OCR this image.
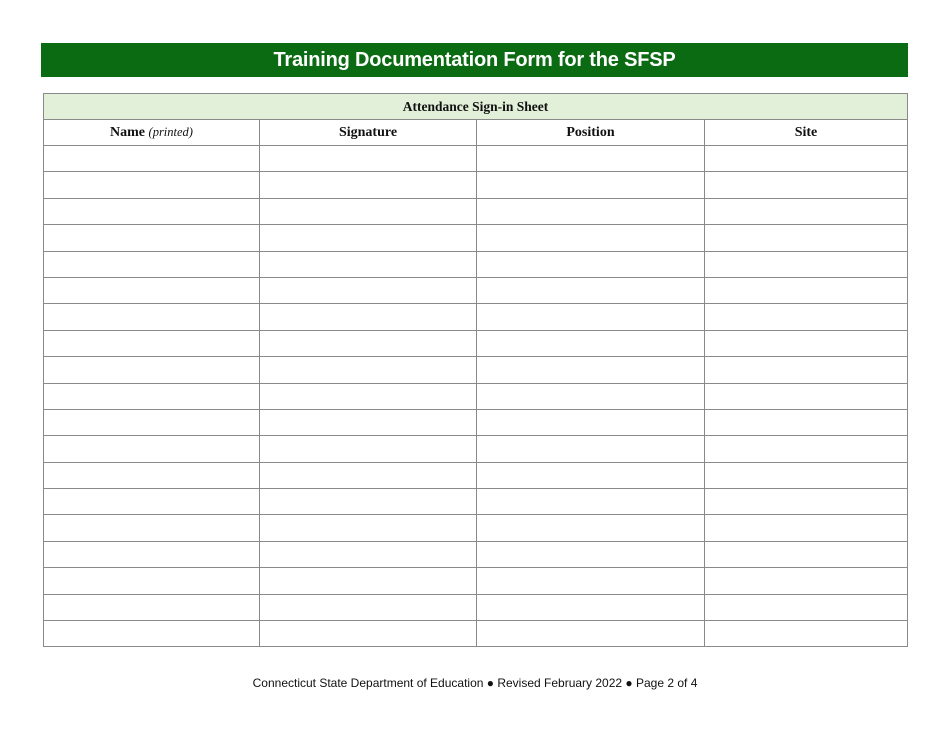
Training Documentation Form for the SFSP
Attendance Sign-in Sheet			
Name (printed)	Signature	Position	Site

Connecticut State Department of Education ● Revised February 2022 ● Page 2 of 4
